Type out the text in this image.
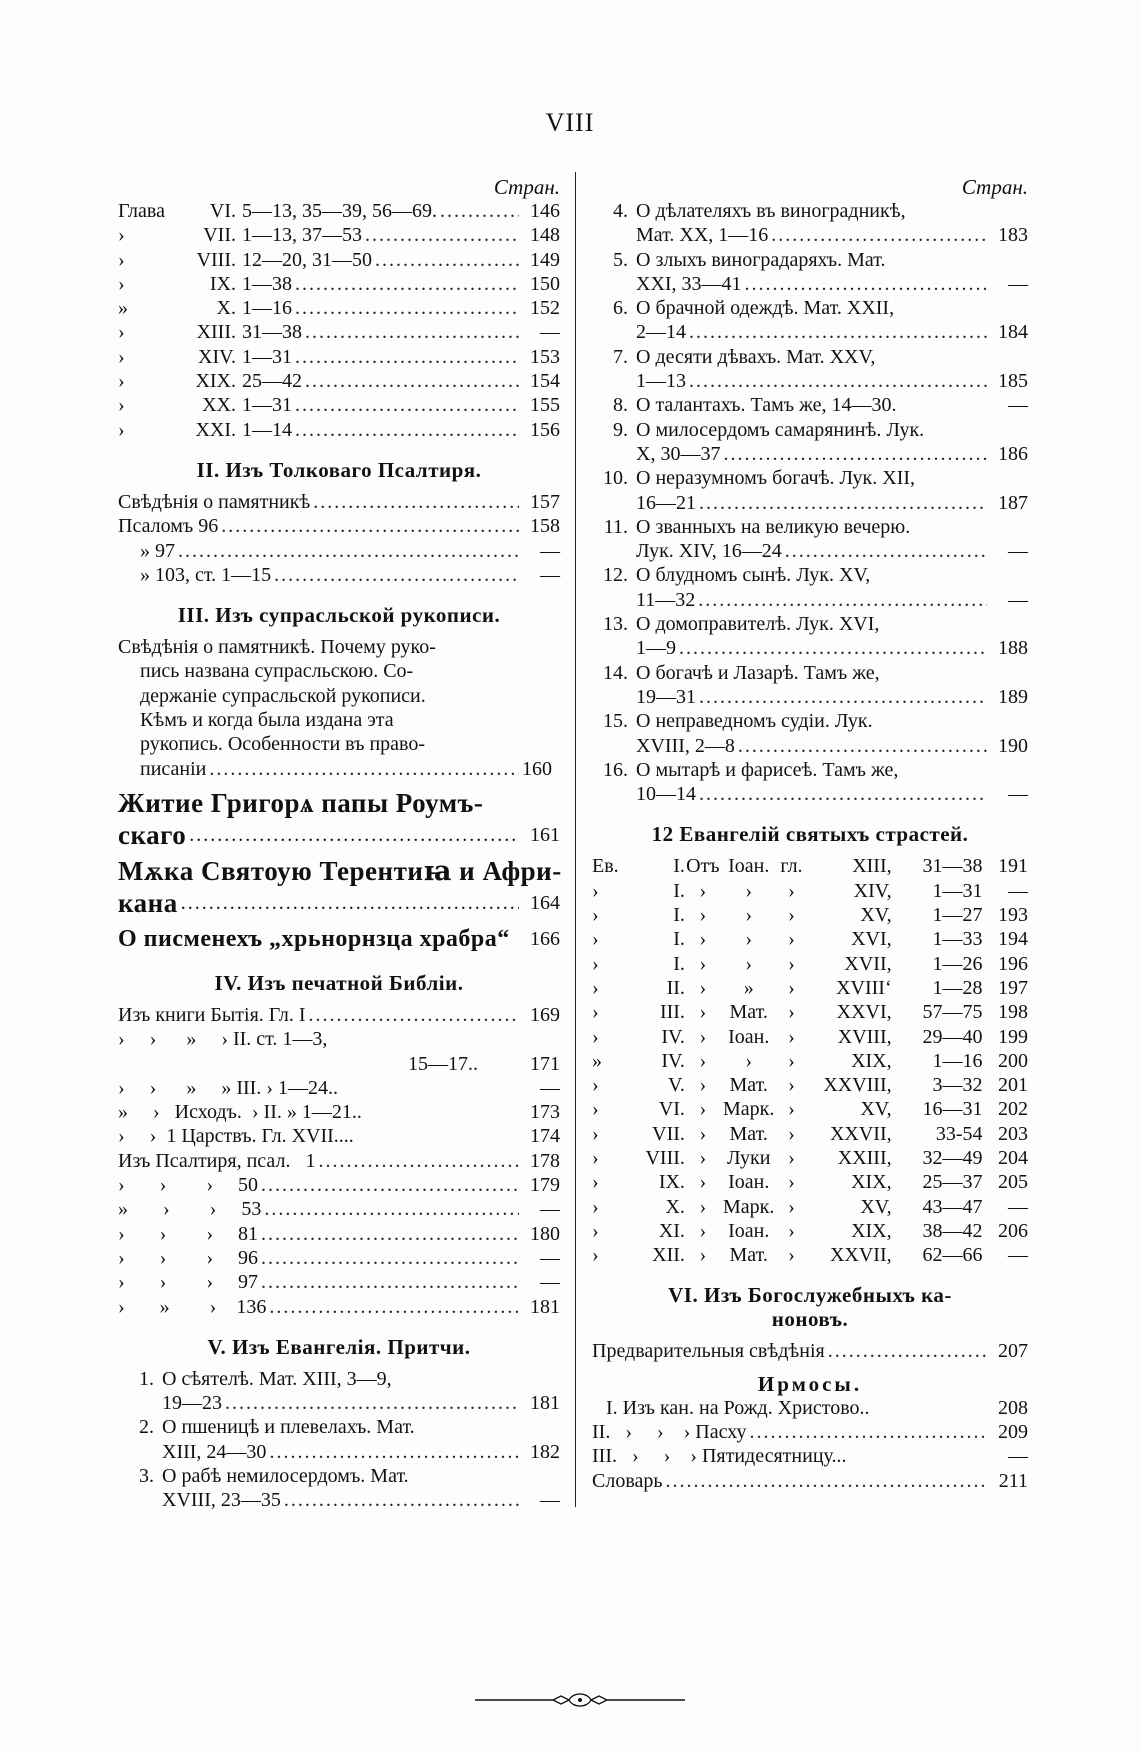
VIII
Стран.
Глава	VI. 5—13, 35—39, 56—69. .....	146
›	VII. 1—13, 37—53 .....	148
›	VIII. 12—20, 31—50 .....	149
›	IX. 1—38 .....	150
»	X. 1—16 .....	152
›	XIII. 31—38 .....	—
›	XIV. 1—31 .....	153
›	XIX. 25—42 .....	154
›	XX. 1—31 .....	155
›	XXI. 1—14 .....	156
II. Изъ Толковаго Псалтиря.
Свѣдѣнія о памятникѣ .....	157
Псаломъ 96 .....	158
» 97 .....	—
» 103, ст. 1—15 .....	—
III. Изъ супрасльской рукописи.
Свѣдѣнія о памятникѣ. Почему руко-
пись названа супрасльскою. Со-
держаніе супрасльской рукописи.
Кѣмъ и когда была издана эта
рукопись. Особенности въ право-
писаніи .....	160
Житие Григорѧ папы Роумъ-
скаго .....	161
Мѫка Святоую Терентиꙗ и Афри-
кана .....	164
О писменехъ „хрьнорнзца храбра“	166
IV. Изъ печатной Библіи.
Изъ книги Бытія. Гл. I .....	169
›     ›      »     › II. ст. 1—3,
15—17..	171
›     ›      »     » III. › 1—24..	—
»     ›   Исходъ.  › II. » 1—21..	173
›     ›  1 Царствъ. Гл. XVII....	174
Изъ Псалтиря, псал.   1 .....	178
›       ›        ›     50 .....	179
»       ›        ›     53 .....	—
›       ›        ›     81 .....	180
›       ›        ›     96 .....	—
›       ›        ›     97 .....	—
›       »        ›    136 .....	181
V. Изъ Евангелія. Притчи.
1. О сѣятелѣ. Мат. XIII, 3—9,
19—23 .....	181
2. О пшеницѣ и плевелахъ. Мат.
XIII, 24—30 .....	182
3. О рабѣ немилосердомъ. Мат.
XVIII, 23—35 .....	—
Стран.
4. О дѣлателяхъ въ виноградникѣ,
Мат. XX, 1—16 .....	183
5. О злыхъ виноградаряхъ. Мат.
XXI, 33—41 .....	—
6. О брачной одеждѣ. Мат. XXII,
2—14 .....	184
7. О десяти дѣвахъ. Мат. XXV,
1—13 .....	185
8. О талантахъ. Тамъ же, 14—30.	—
9. О милосердомъ самарянинѣ. Лук.
X, 30—37 .....	186
10. О неразумномъ богачѣ. Лук. XII,
16—21 .....	187
11. О званныхъ на великую вечерю.
Лук. XIV, 16—24 .....	—
12. О блудномъ сынѣ. Лук. XV,
11—32 .....	—
13. О домоправителѣ. Лук. XVI,
1—9 .....	188
14. О богачѣ и Лазарѣ. Тамъ же,
19—31 .....	189
15. О неправедномъ судіи. Лук.
XVIII, 2—8 .....	190
16. О мытарѣ и фарисеѣ. Тамъ же,
10—14 .....	—
12 Евангелій святыхъ страстей.
Ев.	I.	Отъ	Іоан.	гл.	XIII,	31—38	191
›	I.	›	›	›	XIV,	1—31	—
›	I.	›	›	›	XV,	1—27	193
›	I.	›	›	›	XVI,	1—33	194
›	I.	›	›	›	XVII,	1—26	196
›	II.	›	»	›	XVIII‘	1—28	197
›	III.	›	Мат.	›	XXVI,	57—75	198
›	IV.	›	Іоан.	›	XVIII,	29—40	199
»	IV.	›	›	›	XIX,	1—16	200
›	V.	›	Мат.	›	XXVIII,	3—32	201
›	VI.	›	Марк.	›	XV,	16—31	202
›	VII.	›	Мат.	›	XXVII,	33-54	203
›	VIII.	›	Луки	›	XXIII,	32—49	204
›	IX.	›	Іоан.	›	XIX,	25—37	205
›	X.	›	Марк.	›	XV,	43—47	—
›	XI.	›	Іоан.	›	XIX,	38—42	206
›	XII.	›	Мат.	›	XXVII,	62—66	—
VI. Изъ Богослужебныхъ ка-
ноновъ.
Предварительныя свѣдѣнія .....	207
Ирмосы.
I. Изъ кан. на Рожд. Христово..	208
II.   ›     ›    › Пасху .....	209
III.   ›     ›    › Пятидесятницу...	—
Словарь .....	211
